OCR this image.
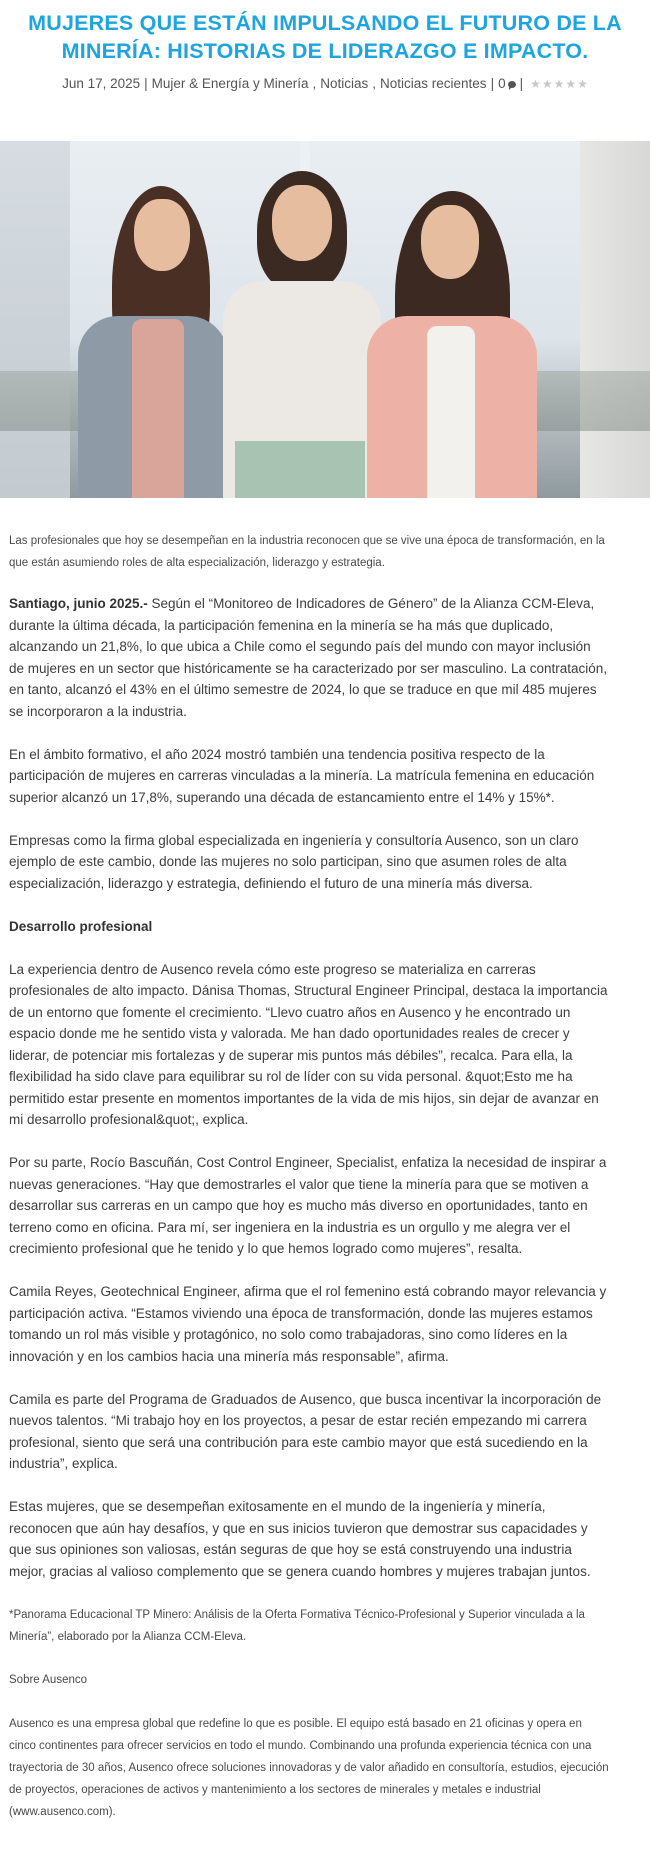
MUJERES QUE ESTÁN IMPULSANDO EL FUTURO DE LA MINERÍA: HISTORIAS DE LIDERAZGO E IMPACTO.
Jun 17, 2025 | Mujer & Energía y Minería , Noticias , Noticias recientes | 0	| ★ ★ ★ ★ ★

Las profesionales que hoy se desempeñan en la industria reconocen que se vive una época de transformación, en la que están asumiendo roles de alta especialización, liderazgo y estrategia.

Santiago, junio 2025.- Según el “Monitoreo de Indicadores de Género” de la Alianza CCM-Eleva, durante la última década, la participación femenina en la minería se ha más que duplicado, alcanzando un 21,8%, lo que ubica a Chile como el segundo país del mundo con mayor inclusión de mujeres en un sector que históricamente se ha caracterizado por ser masculino. La contratación, en tanto, alcanzó el 43% en el último semestre de 2024, lo que se traduce en que mil 485 mujeres se incorporaron a la industria.

En el ámbito formativo, el año 2024 mostró también una tendencia positiva respecto de la participación de mujeres en carreras vinculadas a la minería. La matrícula femenina en educación superior alcanzó un 17,8%, superando una década de estancamiento entre el 14% y 15%*.

Empresas como la firma global especializada en ingeniería y consultoría Ausenco, son un claro ejemplo de este cambio, donde las mujeres no solo participan, sino que asumen roles de alta especialización, liderazgo y estrategia, definiendo el futuro de una minería más diversa.

Desarrollo profesional

La experiencia dentro de Ausenco revela cómo este progreso se materializa en carreras profesionales de alto impacto. Dánisa Thomas, Structural Engineer Principal, destaca la importancia de un entorno que fomente el crecimiento. “Llevo cuatro años en Ausenco y he encontrado un espacio donde me he sentido vista y valorada. Me han dado oportunidades reales de crecer y liderar, de potenciar mis fortalezas y de superar mis puntos más débiles”, recalca. Para ella, la flexibilidad ha sido clave para equilibrar su rol de líder con su vida personal. &quot;Esto me ha permitido estar presente en momentos importantes de la vida de mis hijos, sin dejar de avanzar en mi desarrollo profesional&quot;, explica.

Por su parte, Rocío Bascuñán, Cost Control Engineer, Specialist, enfatiza la necesidad de inspirar a nuevas generaciones. “Hay que demostrarles el valor que tiene la minería para que se motiven a desarrollar sus carreras en un campo que hoy es mucho más diverso en oportunidades, tanto en terreno como en oficina. Para mí, ser ingeniera en la industria es un orgullo y me alegra ver el crecimiento profesional que he tenido y lo que hemos logrado como mujeres”, resalta.

Camila Reyes, Geotechnical Engineer, afirma que el rol femenino está cobrando mayor relevancia y participación activa. “Estamos viviendo una época de transformación, donde las mujeres estamos tomando un rol más visible y protagónico, no solo como trabajadoras, sino como líderes en la innovación y en los cambios hacia una minería más responsable”, afirma.

Camila es parte del Programa de Graduados de Ausenco, que busca incentivar la incorporación de nuevos talentos. “Mi trabajo hoy en los proyectos, a pesar de estar recién empezando mi carrera profesional, siento que será una contribución para este cambio mayor que está sucediendo en la industria”, explica.

Estas mujeres, que se desempeñan exitosamente en el mundo de la ingeniería y minería, reconocen que aún hay desafíos, y que en sus inicios tuvieron que demostrar sus capacidades y que sus opiniones son valiosas, están seguras de que hoy se está construyendo una industria mejor, gracias al valioso complemento que se genera cuando hombres y mujeres trabajan juntos.

*Panorama Educacional TP Minero: Análisis de la Oferta Formativa Técnico-Profesional y Superior vinculada a la Minería”, elaborado por la Alianza CCM-Eleva.

Sobre Ausenco

Ausenco es una empresa global que redefine lo que es posible. El equipo está basado en 21 oficinas y opera en cinco continentes para ofrecer servicios en todo el mundo. Combinando una profunda experiencia técnica con una trayectoria de 30 años, Ausenco ofrece soluciones innovadoras y de valor añadido en consultoría, estudios, ejecución de proyectos, operaciones de activos y mantenimiento a los sectores de minerales y metales e industrial (www.ausenco.com).
